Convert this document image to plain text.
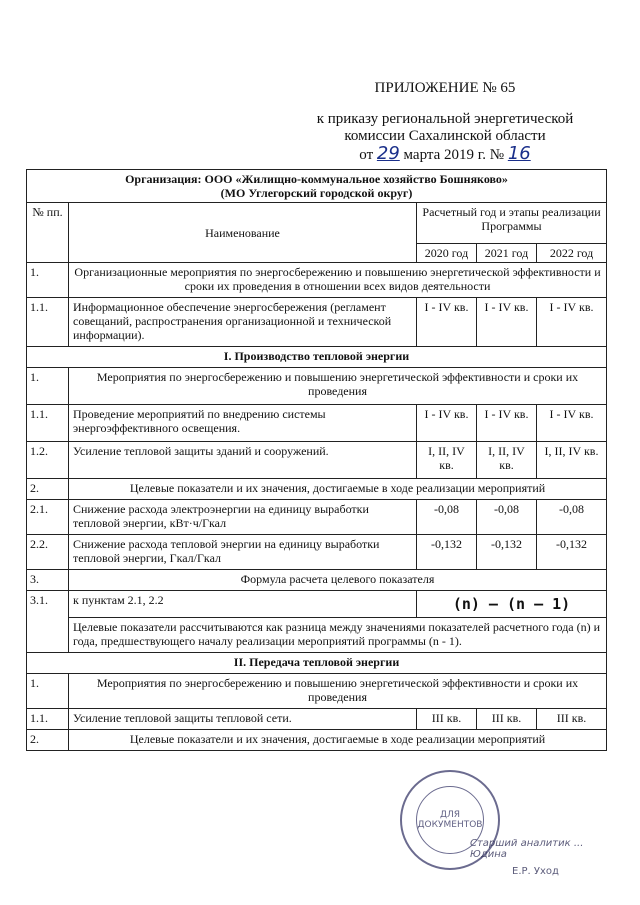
ПРИЛОЖЕНИЕ № 65
к приказу региональной энергетической
комиссии Сахалинской области
от 29 марта 2019 г. № 16
Организация: ООО «Жилищно-коммунальное хозяйство Бошняково»
(МО Углегорский городской округ)				

№ пп.	Наименование	Расчетный год и этапы реализации Программы		
		2020 год	2021 год	2022 год
1.	Организационные мероприятия по энергосбережению и повышению энергетической эффективности и сроки их проведения в отношении всех видов деятельности			
1.1.	Информационное обеспечение энергосбережения (регламент совещаний, распространения организационной и технической информации).	I - IV кв.	I - IV кв.	I - IV кв.
I. Производство тепловой энергии				
1.	Мероприятия по энергосбережению и повышению энергетической эффективности и сроки их проведения			
1.1.	Проведение мероприятий по внедрению системы энергоэффективного освещения.	I - IV кв.	I - IV кв.	I - IV кв.
1.2.	Усиление тепловой защиты зданий и сооружений.	I, II, IV кв.	I, II, IV кв.	I, II, IV кв.
2.	Целевые показатели и их значения, достигаемые в ходе реализации мероприятий			
2.1.	Снижение расхода электроэнергии на единицу выработки тепловой энергии, кВт·ч/Гкал	-0,08	-0,08	-0,08
2.2.	Снижение расхода тепловой энергии на единицу выработки тепловой энергии, Гкал/Гкал	-0,132	-0,132	-0,132
3.	Формула расчета целевого показателя			
3.1.	к пунктам 2.1, 2.2	(n) – (n – 1)		
	Целевые показатели рассчитываются как разница между значениями показателей расчетного года (n) и года, предшествующего началу реализации мероприятий программы (n - 1).			
II. Передача тепловой энергии				
1.	Мероприятия по энергосбережению и повышению энергетической эффективности и сроки их проведения			
1.1.	Усиление тепловой защиты тепловой сети.	III кв.	III кв.	III кв.
2.	Целевые показатели и их значения, достигаемые в ходе реализации мероприятий			
ДЛЯ ДОКУМЕНТОВ
Старший аналитик ... Юдина
Е.Р. Уход
